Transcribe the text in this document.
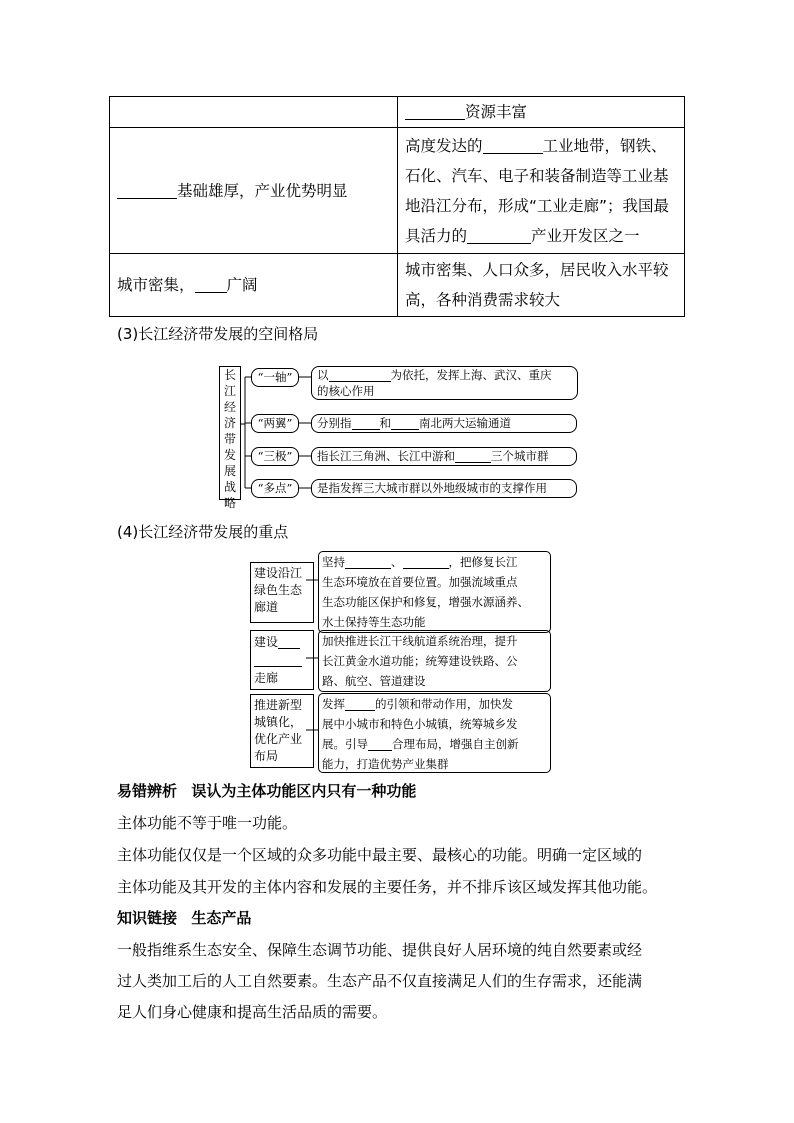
	资源丰富
基础雄厚，产业优势明显	高度发达的 工业地带，钢铁、
石化、汽车、电子和装备制造等工业基
地沿江分布，形成“工业走廊”；我国最
具活力的 产业开发区之一

城市密集， 广阔	城市密集、人口众多，居民收入水平较
高，各种消费需求较大
(3)长江经济带发展的空间格局
长
江
经
济
带
发
展
战
略
“一轴”	以	为依托，发挥上海、武汉、重庆
的核心作用
“两翼”	分别指 和 南北两大运输通道
“三极”	指长江三角洲、长江中游和	三个城市群
“多点”	是指发挥三大城市群以外地级城市的支撑作用
(4)长江经济带发展的重点
建设沿江
绿色生态
廊道
坚持	、	，把修复长江
生态环境放在首要位置。加强流域重点
生态功能区保护和修复，增强水源涵养、
水土保持等生态功能
建设
走廊
加快推进长江干线航道系统治理，提升
长江黄金水道功能；统筹建设铁路、公
路、航空、管道建设
推进新型
城镇化，
优化产业
布局
发挥	的引领和带动作用，加快发
展中小城市和特色小城镇，统筹城乡发
展。引导 合理布局，增强自主创新
能力，打造优势产业集群
易错辨析 误认为主体功能区内只有一种功能
主体功能不等于唯一功能。
主体功能仅仅是一个区域的众多功能中最主要、最核心的功能。明确一定区域的
主体功能及其开发的主体内容和发展的主要任务，并不排斥该区域发挥其他功能。
知识链接 生态产品
一般指维系生态安全、保障生态调节功能、提供良好人居环境的纯自然要素或经
过人类加工后的人工自然要素。生态产品不仅直接满足人们的生存需求，还能满
足人们身心健康和提高生活品质的需要。
